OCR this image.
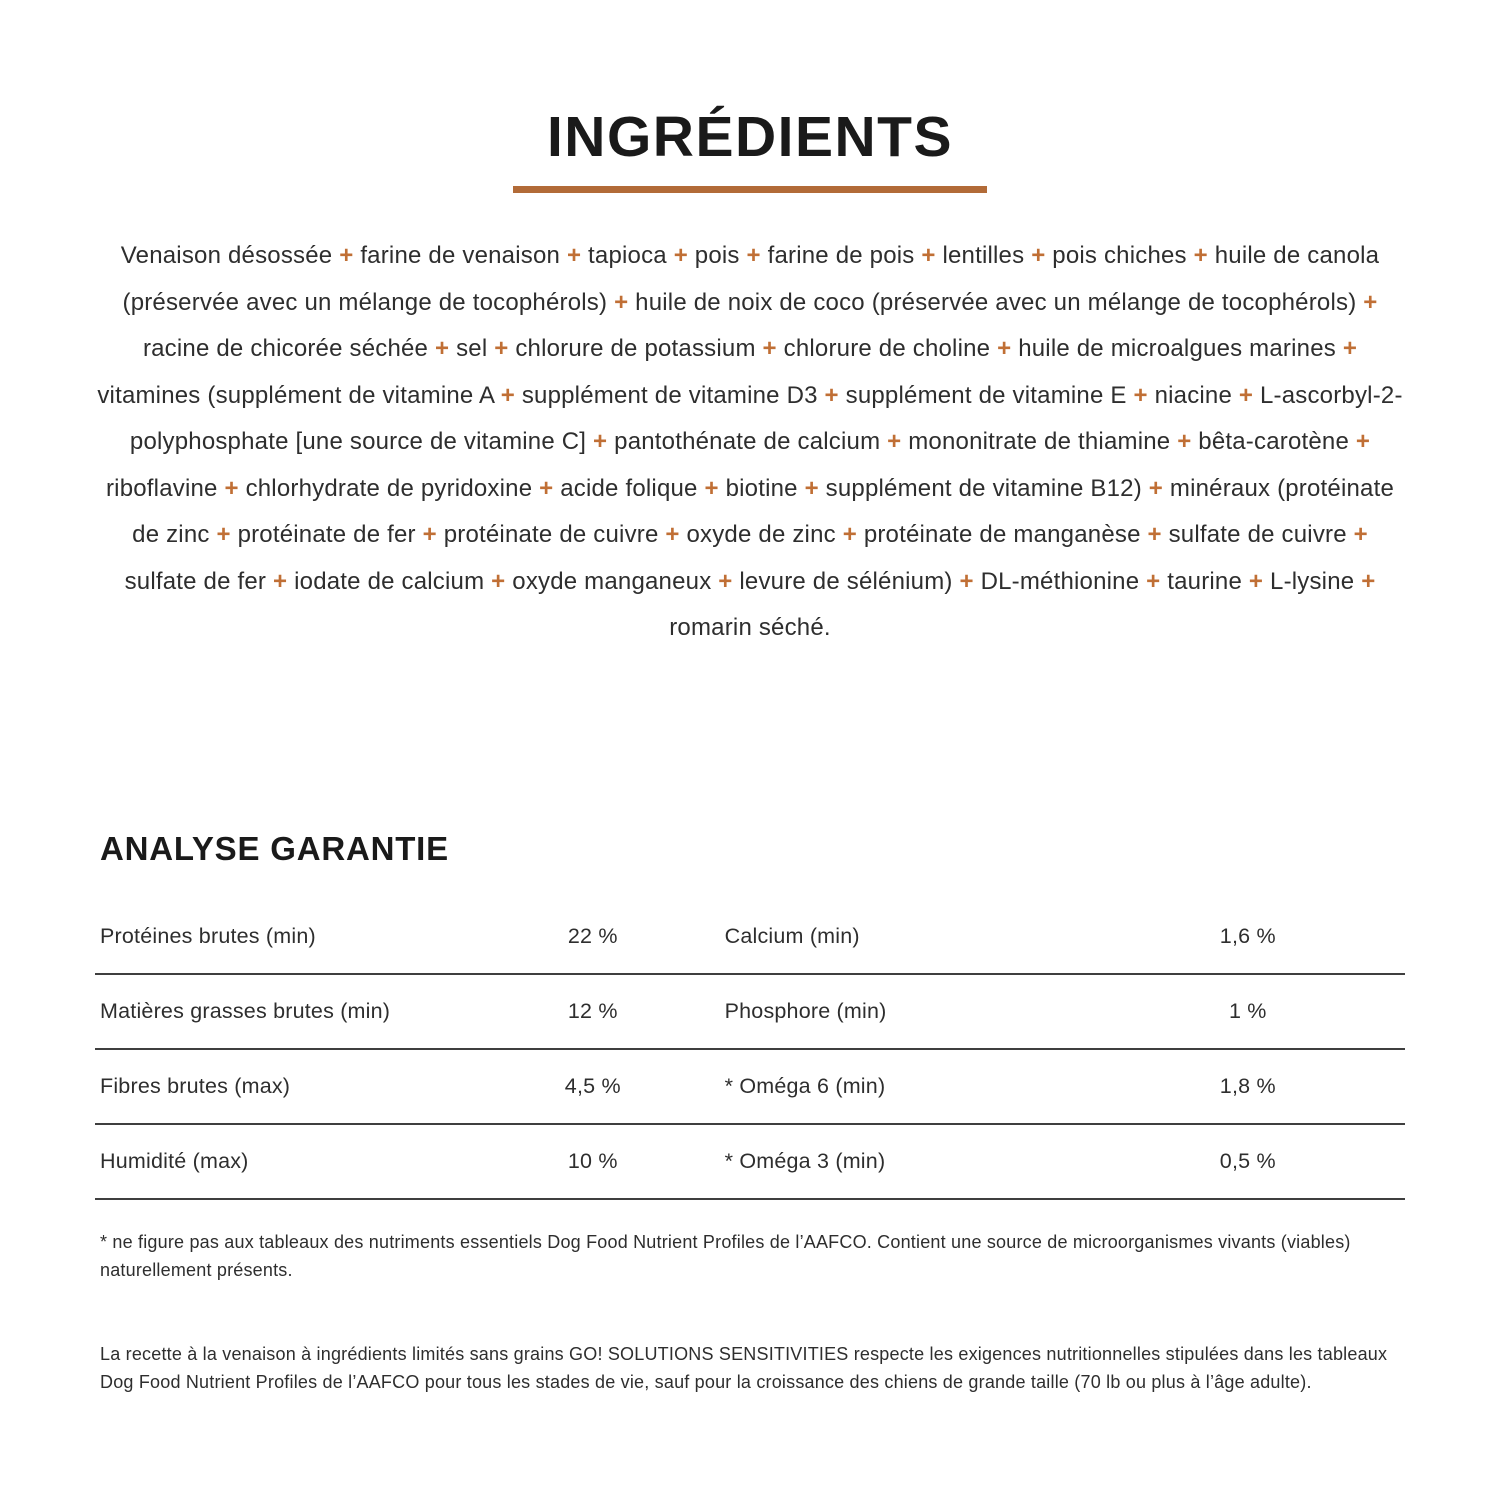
INGRÉDIENTS

Venaison désossée + farine de venaison + tapioca + pois + farine de pois + lentilles + pois chiches + huile de canola (préservée avec un mélange de tocophérols) + huile de noix de coco (préservée avec un mélange de tocophérols) + racine de chicorée séchée + sel + chlorure de potassium + chlorure de choline + huile de microalgues marines + vitamines (supplément de vitamine A + supplément de vitamine D3 + supplément de vitamine E + niacine + L-ascorbyl-2-polyphosphate [une source de vitamine C] + pantothénate de calcium + mononitrate de thiamine + bêta-carotène + riboflavine + chlorhydrate de pyridoxine + acide folique + biotine + supplément de vitamine B12) + minéraux (protéinate de zinc + protéinate de fer + protéinate de cuivre + oxyde de zinc + protéinate de manganèse + sulfate de cuivre + sulfate de fer + iodate de calcium + oxyde manganeux + levure de sélénium) + DL-méthionine + taurine + L-lysine + romarin séché.

ANALYSE GARANTIE
Protéines brutes (min)	22 %	Calcium (min)	1,6 %
Matières grasses brutes (min)	12 %	Phosphore (min)	1 %
Fibres brutes (max)	4,5 %	* Oméga 6 (min)	1,8 %
Humidité (max)	10 %	* Oméga 3 (min)	0,5 %

* ne figure pas aux tableaux des nutriments essentiels Dog Food Nutrient Profiles de l’AAFCO. Contient une source de microorganismes vivants (viables) naturellement présents.

La recette à la venaison à ingrédients limités sans grains GO! SOLUTIONS SENSITIVITIES respecte les exigences nutritionnelles stipulées dans les tableaux Dog Food Nutrient Profiles de l’AAFCO pour tous les stades de vie, sauf pour la croissance des chiens de grande taille (70 lb ou plus à l’âge adulte).
